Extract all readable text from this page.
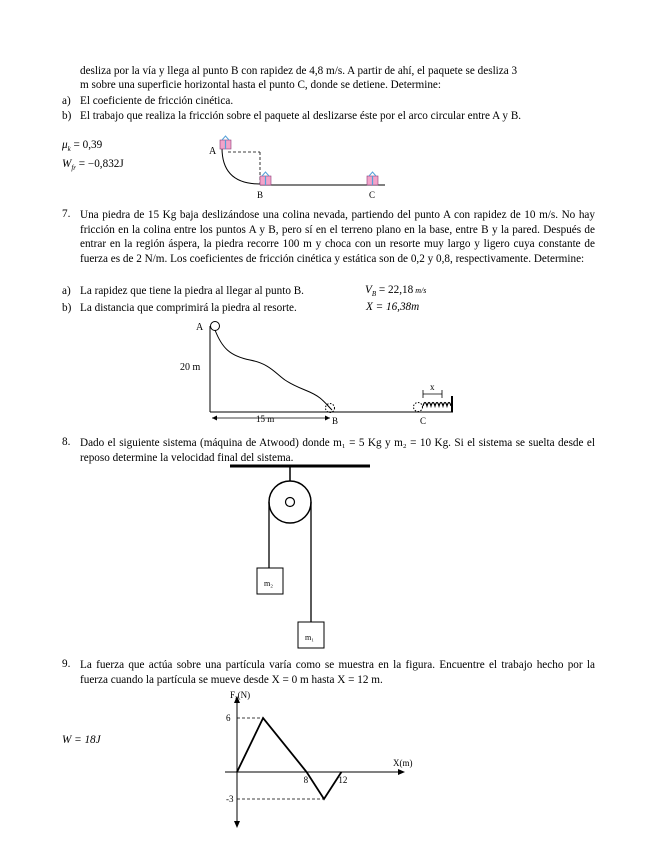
desliza por la vía y llega al punto B con rapidez de 4,8 m/s. A partir de ahí, el paquete se desliza 3
m sobre una superficie horizontal hasta el punto C, donde se detiene. Determine:
a) El coeficiente de fricción cinética.
b) El trabajo que realiza la fricción sobre el paquete al deslizarse éste por el arco circular entre A y B.
$\mu_k = 0,39$
$W_{fr} = -0,832J$
A
B	C
7. Una piedra de 15 Kg baja deslizándose una colina nevada, partiendo del punto A con rapidez de 10 m/s. No hay fricción en la colina entre los puntos A y B, pero sí en el terreno plano en la base, entre B y la pared. Después de entrar en la región áspera, la piedra recorre 100 m y choca con un resorte muy largo y ligero cuya constante de fuerza es de 2 N/m. Los coeficientes de fricción cinética y estática son de 0,2 y 0,8, respectivamente. Determine:
a) La rapidez que tiene la piedra al llegar al punto B.	$V_B = 22,18$ m/s
b) La distancia que comprimirá la piedra al resorte.	X = 16,38m
A
20 m
15 m	B	C
x
8. Dado el siguiente sistema (máquina de Atwood) donde m₁ = 5 Kg y m₂ = 10 Kg. Si el sistema se suelta desde el reposo determine la velocidad final del sistema.
m₂
m₁
9. La fuerza que actúa sobre una partícula varía como se muestra en la figura. Encuentre el trabajo hecho por la fuerza cuando la partícula se mueve desde X = 0 m hasta X = 12 m.
W = 18J
Fₓ(N)
X(m)
6
-3
8	12
